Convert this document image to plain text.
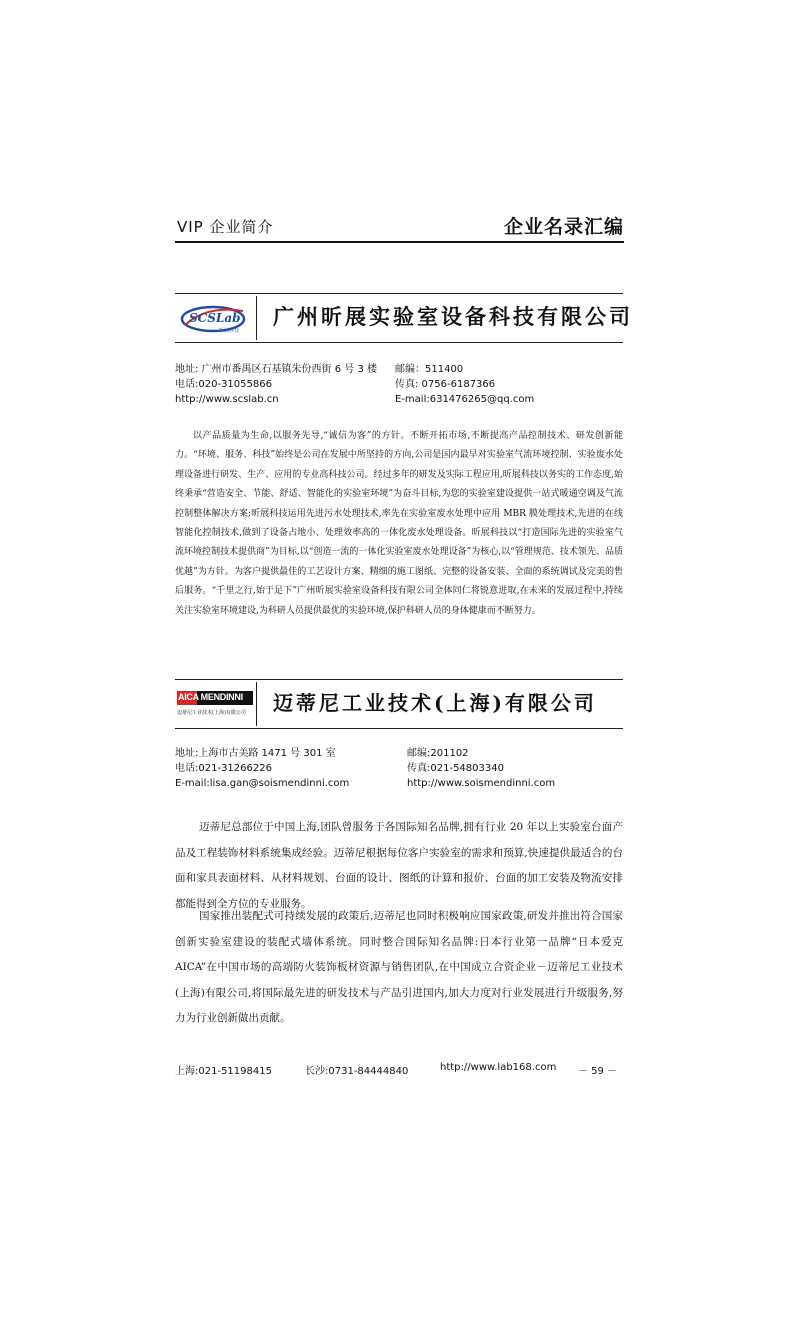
VIP 企业简介	企业名录汇编
SCSLab
昕展科技
广州昕展实验室设备科技有限公司
地址: 广州市番禺区石基镇朱份西街 6 号 3 楼 邮编：511400
电话:020-31055866	传真: 0756-6187366
http://www.scslab.cn	E-mail:631476265@qq.com
以产品质量为生命,以服务先导,“诚信为客”的方针。不断开拓市场,不断提高产品控制技术、研发创新能力。“环境、服务、科技”始终是公司在发展中所坚持的方向,公司是国内最早对实验室气流环境控制、实验废水处理设备进行研发、生产、应用的专业高科技公司。经过多年的研发及实际工程应用,昕展科技以务实的工作态度,始终秉承“营造安全、节能、舒适、智能化的实验室环境”为奋斗目标,为您的实验室建设提供一站式暖通空调及气流控制整体解决方案;昕展科技运用先进污水处理技术,率先在实验室废水处理中应用 MBR 膜处理技术,先进的在线智能化控制技术,做到了设备占地小、处理效率高的一体化废水处理设备。昕展科技以“打造国际先进的实验室气流环境控制技术提供商”为目标,以“创造一流的一体化实验室废水处理设备”为核心,以“管理规范、技术领先、品质优越”为方针。为客户提供最佳的工艺设计方案、精细的施工图纸、完整的设备安装、全面的系统调试及完美的售后服务。“千里之行,始于足下”广州昕展实验室设备科技有限公司全体同仁将锐意进取,在未来的发展过程中,持续关注实验室环境建设,为科研人员提供最优的实验环境,保护科研人员的身体健康而不断努力。
AICA MENDINNI
迈蒂尼工业技术(上海)有限公司 迈蒂尼工业技术(上海)有限公司
地址:上海市古美路 1471 号 301 室	邮编:201102
电话:021-31266226	传真:021-54803340
E-mail:lisa.gan@soismendinni.com	http://www.soismendinni.com
迈蒂尼总部位于中国上海,团队曾服务于各国际知名品牌,拥有行业 20 年以上实验室台面产品及工程装饰材料系统集成经验。迈蒂尼根据每位客户实验室的需求和预算,快速提供最适合的台面和家具表面材料、从材料规划、台面的设计、图纸的计算和报价、台面的加工安装及物流安排都能得到全方位的专业服务。
国家推出装配式可持续发展的政策后,迈蒂尼也同时积极响应国家政策,研发并推出符合国家创新实验室建设的装配式墙体系统。同时整合国际知名品牌:日本行业第一品牌“日本爱克 AICA”在中国市场的高端防火装饰板材资源与销售团队,在中国成立合资企业－迈蒂尼工业技术(上海)有限公司,将国际最先进的研发技术与产品引进国内,加大力度对行业发展进行升级服务,努力为行业创新做出贡献。
上海:021-51198415	长沙:0731-84444840	http://www.lab168.com － 59 －
